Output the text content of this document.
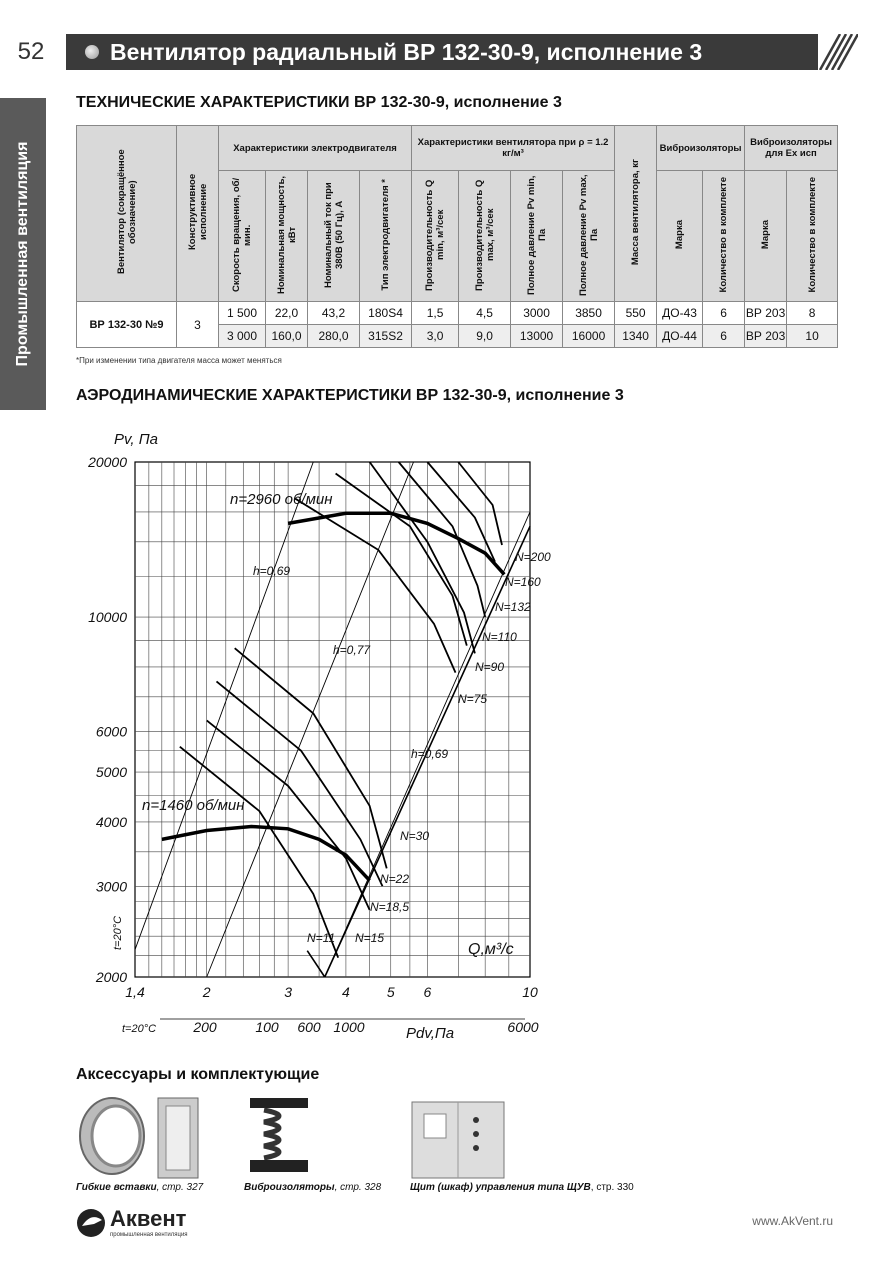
52	Вентилятор радиальный ВР 132-30-9, исполнение 3
Промышленная вентиляция
ТЕХНИЧЕСКИЕ ХАРАКТЕРИСТИКИ ВР 132-30-9, исполнение 3
Вентилятор (сокращённое обозначение)	Конструктивное исполнение	Характеристики электродвигателя				Характеристики вентилятора при ρ = 1.2 кг/м³				Масса вентилятора, кг	Виброизоляторы		Виброизоляторы для Ex исп	
		Скорость вращения, об/мин.	Номинальная мощность, кВт	Номинальный ток при 380В (50 Гц), А	Тип электродвигателя *	Производительность Q min, м³/сек	Производительность Q max, м³/сек	Полное давление Pv min, Па	Полное давление Pv max, Па		Марка	Количество в комплекте	Марка	Количество в комплекте
ВР 132-30 №9	3	1 500	22,0	43,2	180S4	1,5	4,5	3000	3850	550	ДО-43	6	ВР 203	8
		3 000	160,0	280,0	315S2	3,0	9,0	13000	16000	1340	ДО-44	6	ВР 203	10
*При изменении типа двигателя масса может меняться
АЭРОДИНАМИЧЕСКИЕ ХАРАКТЕРИСТИКИ ВР 132-30-9, исполнение 3
2000
3000
4000
5000
6000
10000
20000
1,4	2	3	4	5 6	10
200	100 600 1000	6000
Pv, Па
Q,м³/с
Pdv,Па
t=20°C
t=20°C
n=2960 об/мин
n=1460 об/мин
h=0,69
h=0,77
h=0,69
N=200
N=160
N=132
N=110
N=90
N=75
N=30
N=22
N=18,5
N=15
N=11
Аксессуары и комплектующие
Гибкие вставки, стр. 327	Виброизоляторы, стр. 328	Щит (шкаф) управления типа ЩУВ, стр. 330
Аквент
промышленная вентиляция
www.AkVent.ru
